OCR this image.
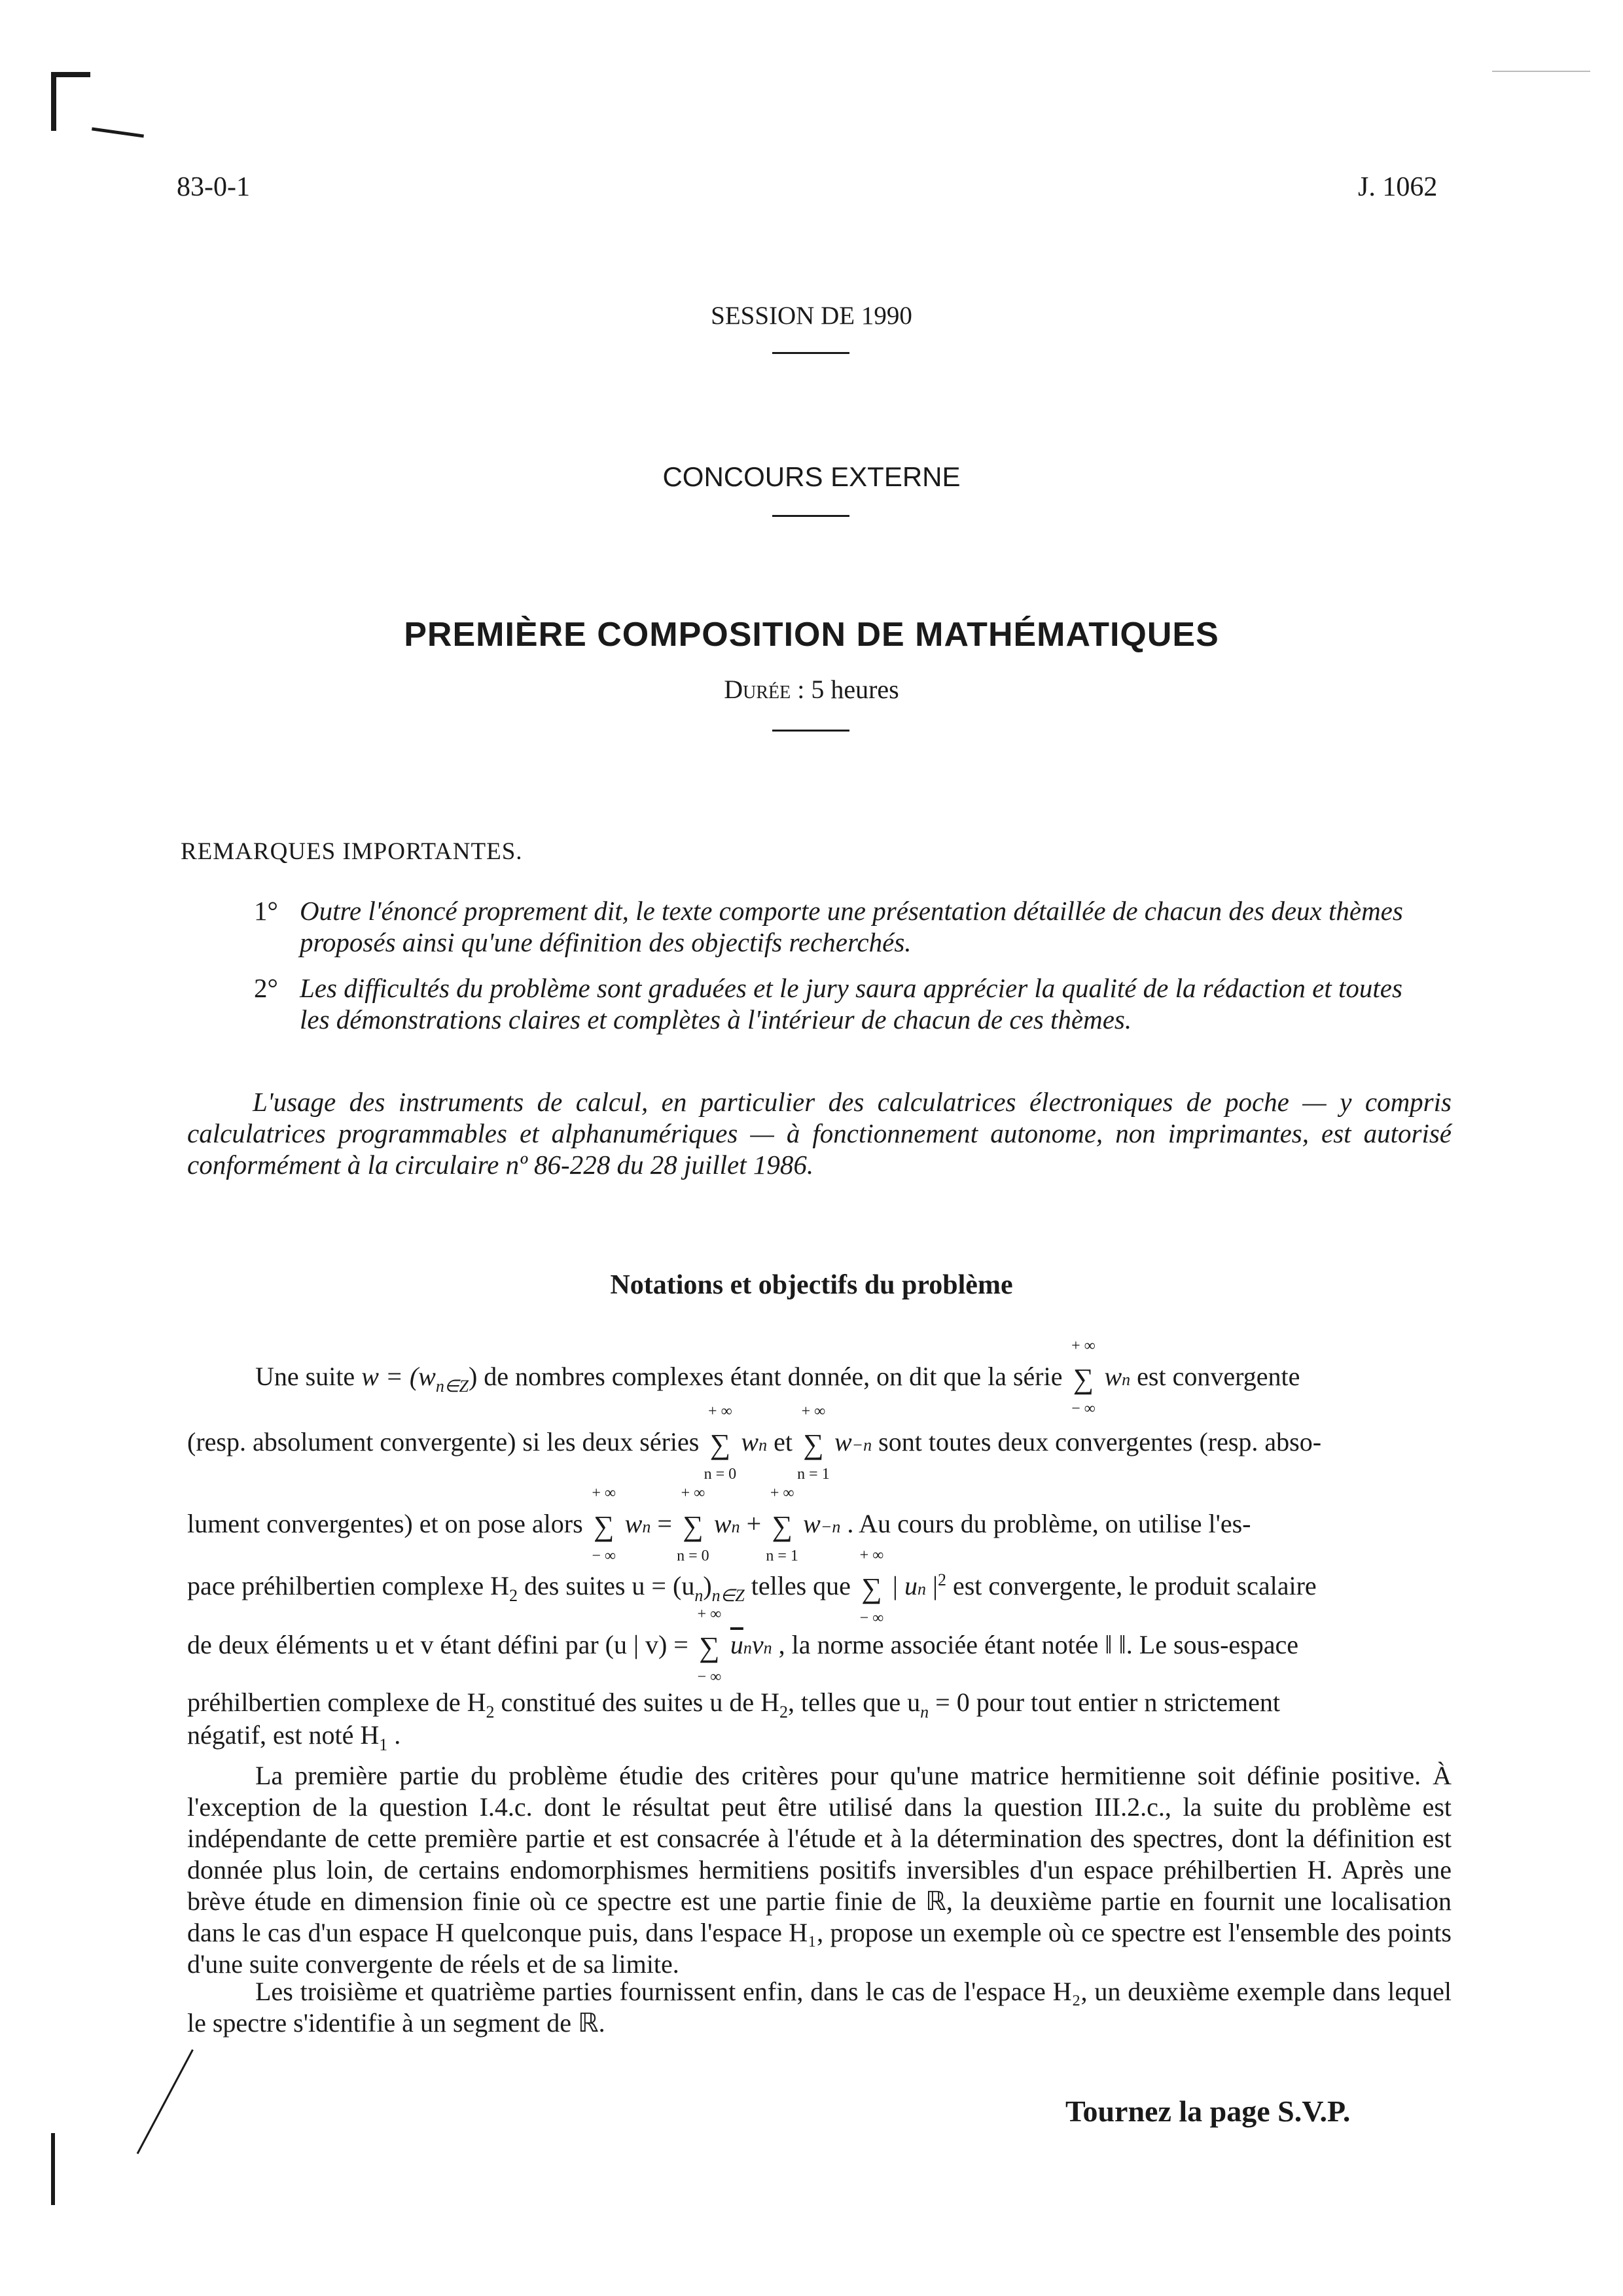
83-0-1	J. 1062
SESSION DE 1990
CONCOURS EXTERNE
PREMIÈRE COMPOSITION DE MATHÉMATIQUES
Durée : 5 heures
REMARQUES IMPORTANTES.
1° Outre l'énoncé proprement dit, le texte comporte une présentation détaillée de chacun des deux thèmes proposés ainsi qu'une définition des objectifs recherchés.
2° Les difficultés du problème sont graduées et le jury saura apprécier la qualité de la rédaction et toutes les démonstrations claires et complètes à l'intérieur de chacun de ces thèmes.
L'usage des instruments de calcul, en particulier des calculatrices électroniques de poche — y compris calculatrices programmables et alphanumériques — à fonctionnement autonome, non imprimantes, est autorisé conformément à la circulaire nº 86-228 du 28 juillet 1986.
Notations et objectifs du problème
Une suite $w = (w_{n\in Z})$ de nombres complexes étant donnée, on dit que la série ∑
+ ∞
− ∞
wn est convergente
(resp. absolument convergente) si les deux séries ∑
+ ∞
n = 0
wn et ∑
+ ∞
n = 1
w−n sont toutes deux convergentes (resp. abso-
lument convergentes) et on pose alors ∑
+ ∞
− ∞
wn = ∑
+ ∞
n = 0
wn + ∑
+ ∞
n = 1
w−n . Au cours du problème, on utilise l'es-
pace préhilbertien complexe $H_2$ des suites $u = (u_n)_{n\in Z}$ telles que ∑
+ ∞
− ∞
| un $|^2$ est convergente, le produit scalaire
de deux éléments u et v étant défini par (u | v) = ∑
+ ∞
− ∞
$\overline{u}nvn$ , la norme associée étant notée ‖ ‖. Le sous-espace
préhilbertien complexe de $H_2$ constitué des suites u de $H_2$, telles que $u_n = 0$ pour tout entier n strictement
négatif, est noté $H_1$ .
La première partie du problème étudie des critères pour qu'une matrice hermitienne soit définie positive. À l'exception de la question I.4.c. dont le résultat peut être utilisé dans la question III.2.c., la suite du problème est indépendante de cette première partie et est consacrée à l'étude et à la détermination des spectres, dont la définition est donnée plus loin, de certains endomorphismes hermitiens positifs inversibles d'un espace préhilbertien H. Après une brève étude en dimension finie où ce spectre est une partie finie de ℝ, la deuxième partie en fournit une localisation dans le cas d'un espace H quelconque puis, dans l'espace H₁, propose un exemple où ce spectre est l'ensemble des points d'une suite convergente de réels et de sa limite.
Les troisième et quatrième parties fournissent enfin, dans le cas de l'espace H₂, un deuxième exemple dans lequel le spectre s'identifie à un segment de ℝ.
Tournez la page S.V.P.
